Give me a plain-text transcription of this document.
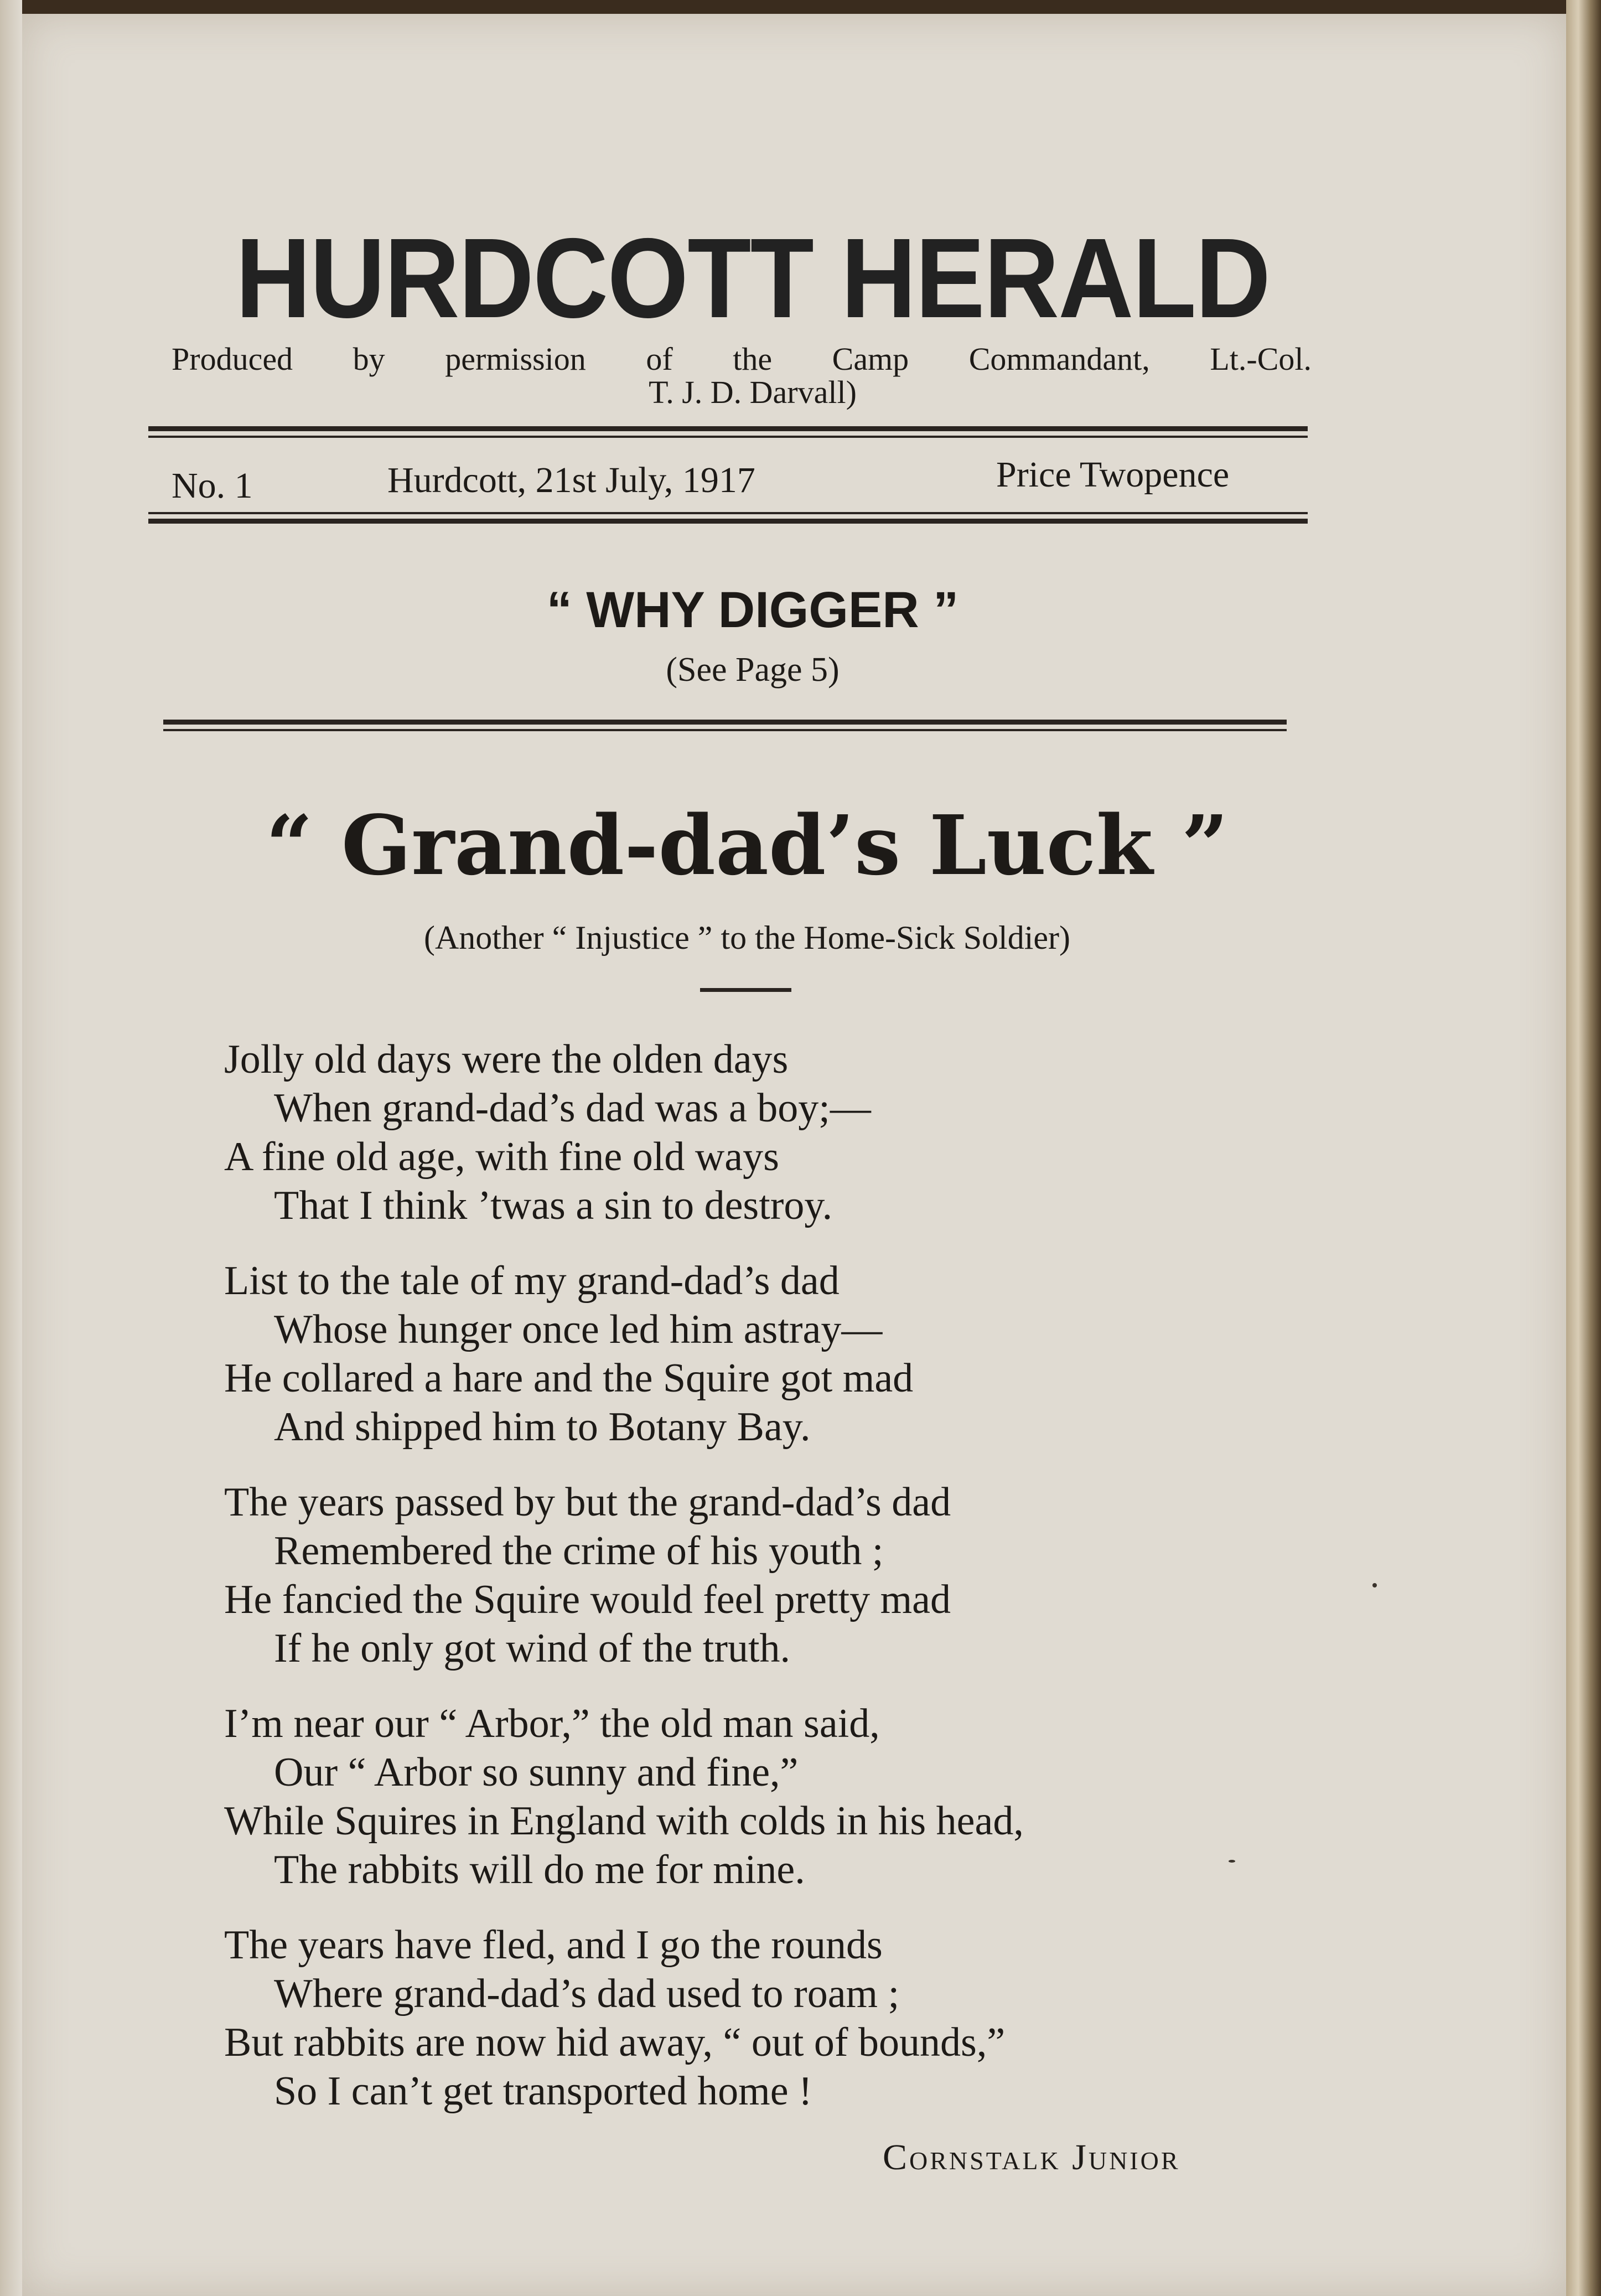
HURDCOTT HERALD
Produced by permission of the Camp Commandant, Lt.-Col.
T. J. D. Darvall)
No. 1	Hurdcott, 21st July, 1917	Price Twopence
“ WHY DIGGER ”
(See Page 5)
“ Grand-dad’s Luck ”
(Another “ Injustice ” to the Home-Sick Soldier)
Jolly old days were the olden days
When grand-dad’s dad was a boy;—
A fine old age, with fine old ways
That I think ’twas a sin to destroy.
List to the tale of my grand-dad’s dad
Whose hunger once led him astray—
He collared a hare and the Squire got mad
And shipped him to Botany Bay.
The years passed by but the grand-dad’s dad
Remembered the crime of his youth ;
He fancied the Squire would feel pretty mad
If he only got wind of the truth.
I’m near our “ Arbor,” the old man said,
Our “ Arbor so sunny and fine,”
While Squires in England with colds in his head,
The rabbits will do me for mine.
The years have fled, and I go the rounds
Where grand-dad’s dad used to roam ;
But rabbits are now hid away, “ out of bounds,”
So I can’t get transported home !
Cornstalk Junior
